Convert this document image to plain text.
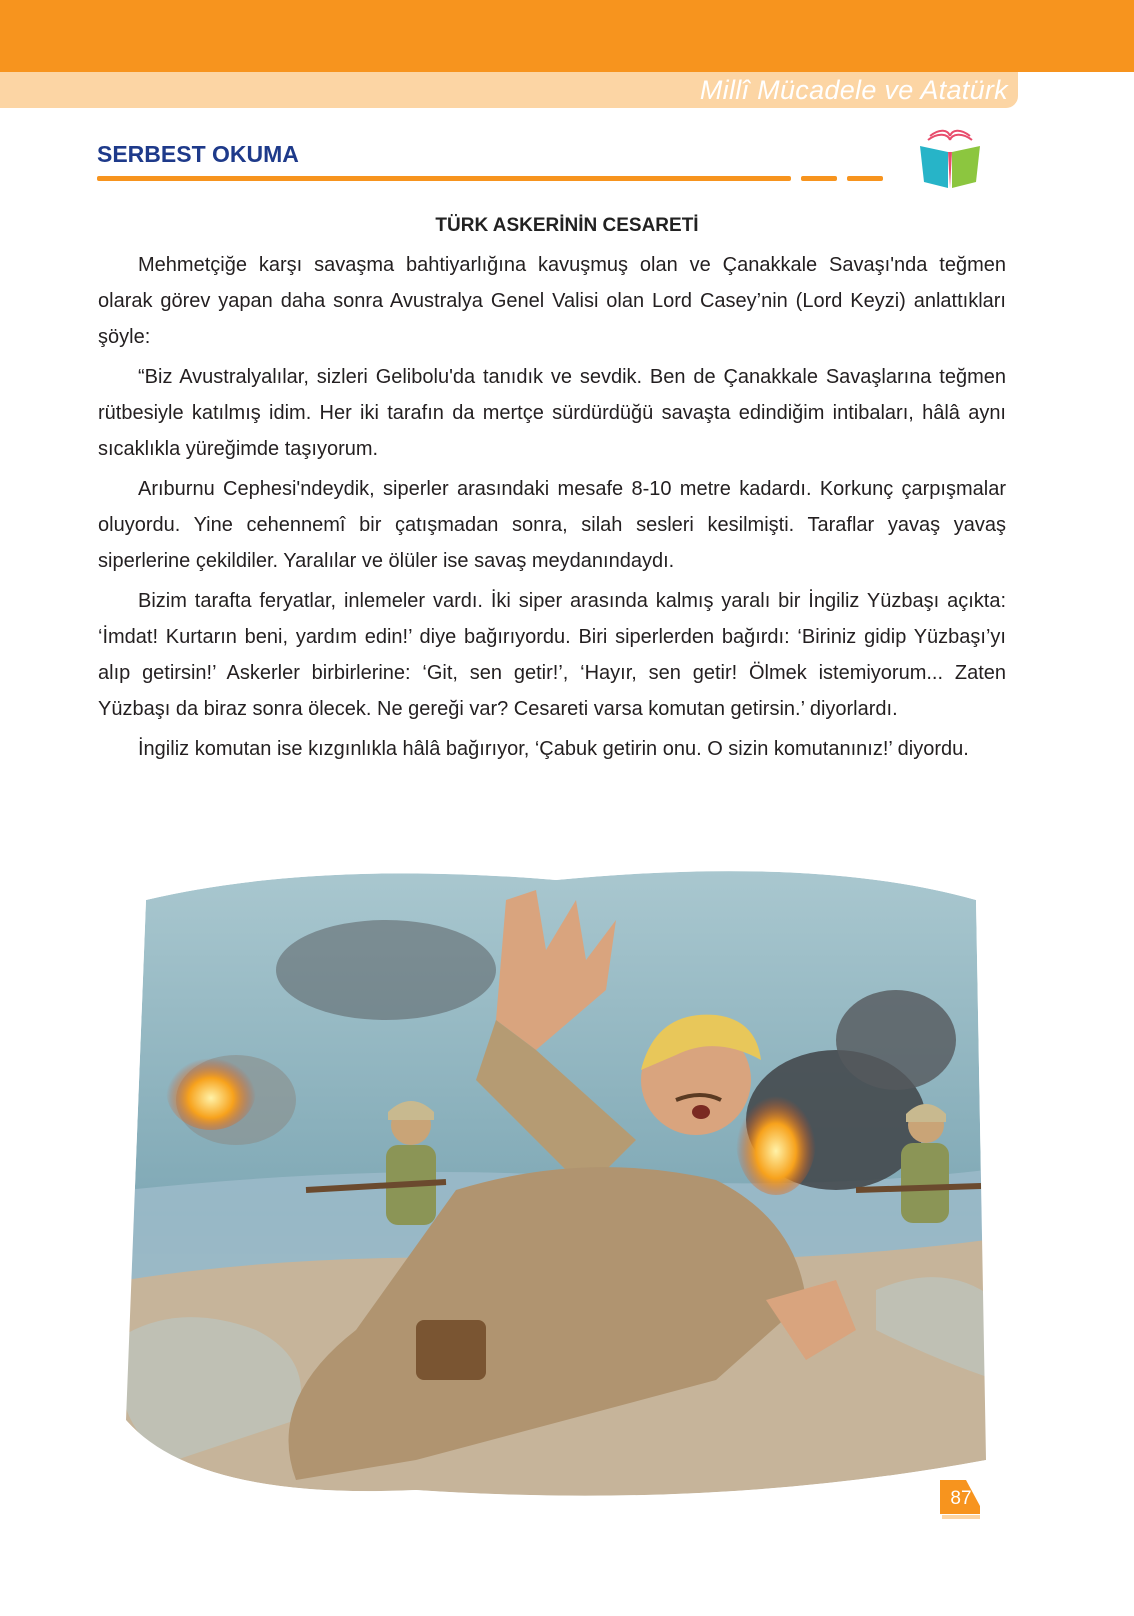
Millî Mücadele ve Atatürk
SERBEST OKUMA
TÜRK ASKERİNİN CESARETİ

Mehmetçiğe karşı savaşma bahtiyarlığına kavuşmuş olan ve Çanakkale Savaşı'nda teğmen olarak görev yapan daha sonra Avustralya Genel Valisi olan Lord Casey’nin (Lord Keyzi) anlattıkları şöyle:

“Biz Avustralyalılar, sizleri Gelibolu'da tanıdık ve sevdik. Ben de Çanakkale Savaşlarına teğmen rütbesiyle katılmış idim. Her iki tarafın da mertçe sürdürdüğü savaşta edindiğim intibaları, hâlâ aynı sıcaklıkla yüreğimde taşıyorum.

Arıburnu Cephesi'ndeydik, siperler arasındaki mesafe 8-10 metre kadardı. Korkunç çarpışmalar oluyordu. Yine cehennemî bir çatışmadan sonra, silah sesleri kesilmişti. Taraflar yavaş yavaş siperlerine çekildiler. Yaralılar ve ölüler ise savaş meydanındaydı.

Bizim tarafta feryatlar, inlemeler vardı. İki siper arasında kalmış yaralı bir İngiliz Yüzbaşı açıkta: ‘İmdat! Kurtarın beni, yardım edin!’ diye bağırıyordu. Biri siperlerden bağırdı: ‘Biriniz gidip Yüzbaşı’yı alıp getirsin!’ Askerler birbirlerine: ‘Git, sen getir!’, ‘Hayır, sen getir! Ölmek istemiyorum... Zaten Yüzbaşı da biraz sonra ölecek. Ne gereği var? Cesareti varsa komutan getirsin.’ diyorlardı.

İngiliz komutan ise kızgınlıkla hâlâ bağırıyor, ‘Çabuk getirin onu. O sizin komutanınız!’ diyordu.

87
